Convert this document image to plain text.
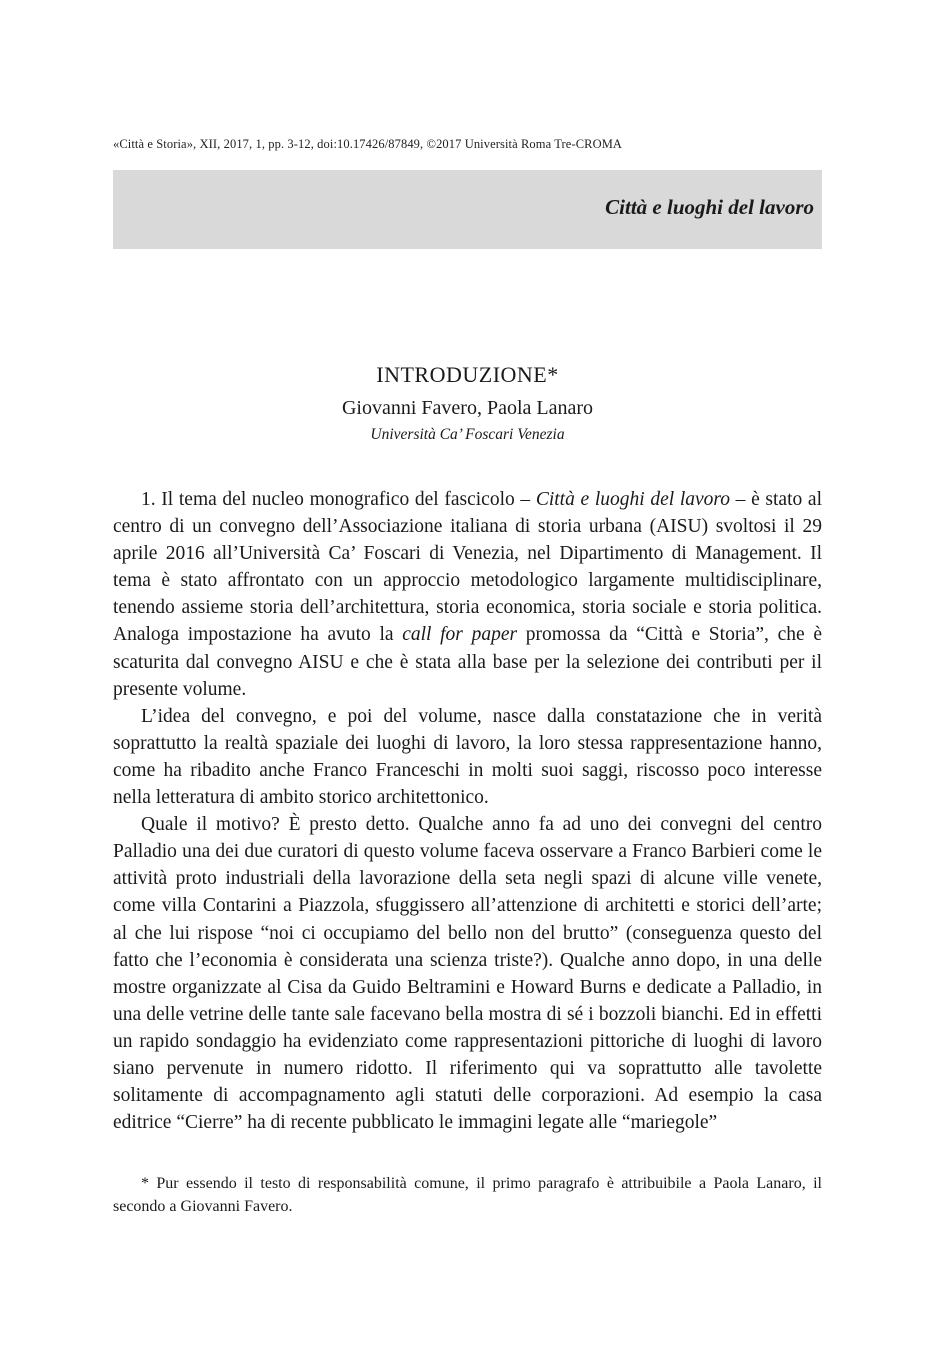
«Città e Storia», XII, 2017, 1, pp. 3-12, doi:10.17426/87849, ©2017 Università Roma Tre-CROMA
Città e luoghi del lavoro
INTRODUZIONE*
Giovanni Favero, Paola Lanaro
Università Ca’ Foscari Venezia

1. Il tema del nucleo monografico del fascicolo – Città e luoghi del lavoro – è stato al centro di un convegno dell’Associazione italiana di storia urbana (AISU) svoltosi il 29 aprile 2016 all’Università Ca’ Foscari di Venezia, nel Dipartimento di Management. Il tema è stato affrontato con un approccio metodologico largamente multidisciplinare, tenendo assieme storia dell’architettura, storia economica, storia sociale e storia politica. Analoga impostazione ha avuto la call for paper promossa da “Città e Storia”, che è scaturita dal convegno AISU e che è stata alla base per la selezione dei contributi per il presente volume.

L’idea del convegno, e poi del volume, nasce dalla constatazione che in verità soprattutto la realtà spaziale dei luoghi di lavoro, la loro stessa rappresentazione hanno, come ha ribadito anche Franco Franceschi in molti suoi saggi, riscosso poco interesse nella letteratura di ambito storico architettonico.

Quale il motivo? È presto detto. Qualche anno fa ad uno dei convegni del centro Palladio una dei due curatori di questo volume faceva osservare a Franco Barbieri come le attività proto industriali della lavorazione della seta negli spazi di alcune ville venete, come villa Contarini a Piazzola, sfuggissero all’attenzione di architetti e storici dell’arte; al che lui rispose “noi ci occupiamo del bello non del brutto” (conseguenza questo del fatto che l’economia è considerata una scienza triste?). Qualche anno dopo, in una delle mostre organizzate al Cisa da Guido Beltramini e Howard Burns e dedicate a Palladio, in una delle vetrine delle tante sale facevano bella mostra di sé i bozzoli bianchi. Ed in effetti un rapido sondaggio ha evidenziato come rappresentazioni pittoriche di luoghi di lavoro siano pervenute in numero ridotto. Il riferimento qui va soprattutto alle tavolette solitamente di accompagnamento agli statuti delle corporazioni. Ad esempio la casa editrice “Cierre” ha di recente pubblicato le immagini legate alle “mariegole”

* Pur essendo il testo di responsabilità comune, il primo paragrafo è attribuibile a Paola Lanaro, il secondo a Giovanni Favero.
